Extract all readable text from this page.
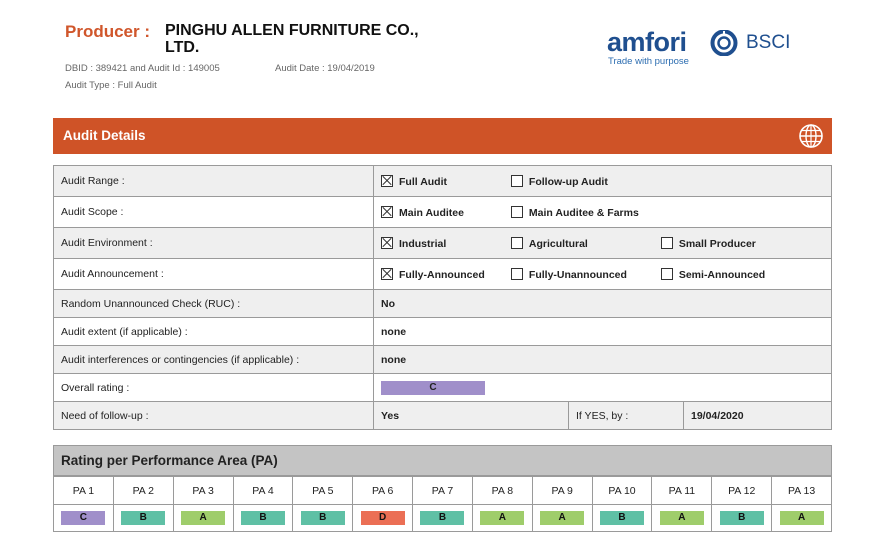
Producer : PINGHU ALLEN FURNITURE CO., LTD.
DBID : 389421 and Audit Id : 149005	Audit Date : 19/04/2019
Audit Type : Full Audit
amfori	BSCI
Trade with purpose
Audit Details
Audit Range :	Full Audit Follow-up Audit		
Audit Scope :	Main Auditee Main Auditee & Farms		
Audit Environment :	Industrial Agricultural Small Producer		
Audit Announcement :	Fully-Announced Fully-Unannounced Semi-Announced		
Random Unannounced Check (RUC) :	No		
Audit extent (if applicable) :	none		
Audit interferences or contingencies (if applicable) :	none		
Overall rating :	C		
Need of follow-up :	Yes	If YES, by :	19/04/2020
Rating per Performance Area (PA)
PA 1	PA 2	PA 3	PA 4	PA 5	PA 6	PA 7	PA 8	PA 9	PA 10	PA 11	PA 12	PA 13
C	B	A	B	B	D	B	A	A	B	A	B	A
